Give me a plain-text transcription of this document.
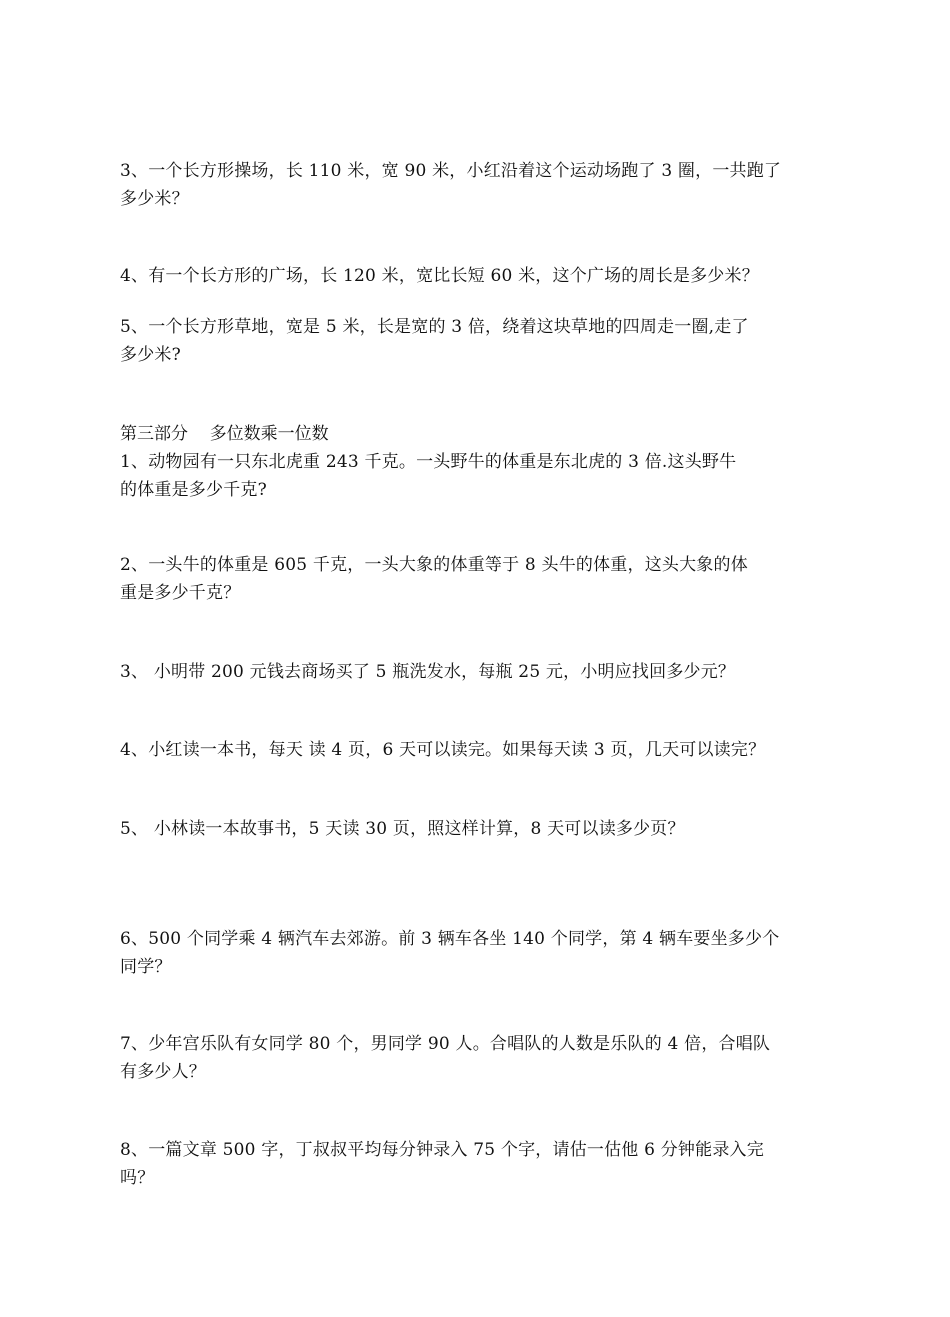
3、一个长方形操场，长 110 米，宽 90 米，小红沿着这个运动场跑了 3 圈，一共跑了
多少米？
4、有一个长方形的广场，长 120 米，宽比长短 60 米，这个广场的周长是多少米？
5、一个长方形草地，宽是 5 米，长是宽的 3 倍，绕着这块草地的四周走一圈,走了
多少米?
第三部分    多位数乘一位数
1、动物园有一只东北虎重 243 千克。一头野牛的体重是东北虎的 3 倍.这头野牛
的体重是多少千克?
2、一头牛的体重是 605 千克，一头大象的体重等于 8 头牛的体重，这头大象的体
重是多少千克？
3、 小明带 200 元钱去商场买了 5 瓶洗发水，每瓶 25 元，小明应找回多少元？
4、小红读一本书，每天 读 4 页，6 天可以读完。如果每天读 3 页，几天可以读完？
5、 小林读一本故事书，5 天读 30 页，照这样计算，8 天可以读多少页？
6、500 个同学乘 4 辆汽车去郊游。前 3 辆车各坐 140 个同学，第 4 辆车要坐多少个
同学？
7、少年宫乐队有女同学 80 个，男同学 90 人。合唱队的人数是乐队的 4 倍，合唱队
有多少人？
8、一篇文章 500 字，丁叔叔平均每分钟录入 75 个字，请估一估他 6 分钟能录入完
吗？
